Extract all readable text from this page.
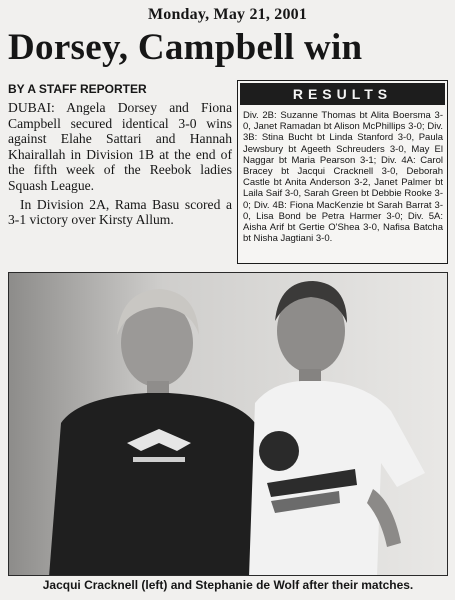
Monday, May 21, 2001
Dorsey, Campbell win
BY A STAFF REPORTER

DUBAI: Angela Dorsey and Fiona Campbell secured identical 3-0 wins against Elahe Sattari and Hannah Khairallah in Division 1B at the end of the fifth week of the Reebok ladies Squash League.

In Division 2A, Rama Basu scored a 3-1 victory over Kirsty Allum.

RESULTS
Div. 2B: Suzanne Thomas bt Alita Boersma 3-0, Janet Ramadan bt Alison McPhillips 3-0; Div. 3B: Stina Bucht bt Linda Stanford 3-0, Paula Jewsbury bt Ageeth Schreuders 3-0, May El Naggar bt Maria Pearson 3-1; Div. 4A: Carol Bracey bt Jacqui Cracknell 3-0, Deborah Castle bt Anita Anderson 3-2, Janet Palmer bt Laila Saif 3-0, Sarah Green bt Debbie Rooke 3-0; Div. 4B: Fiona MacKenzie bt Sarah Barrat 3-0, Lisa Bond be Petra Harmer 3-0; Div. 5A: Aisha Arif bt Gertie O'Shea 3-0, Nafisa Batcha bt Nisha Jagtiani 3-0.
Jacqui Cracknell (left) and Stephanie de Wolf after their matches.
